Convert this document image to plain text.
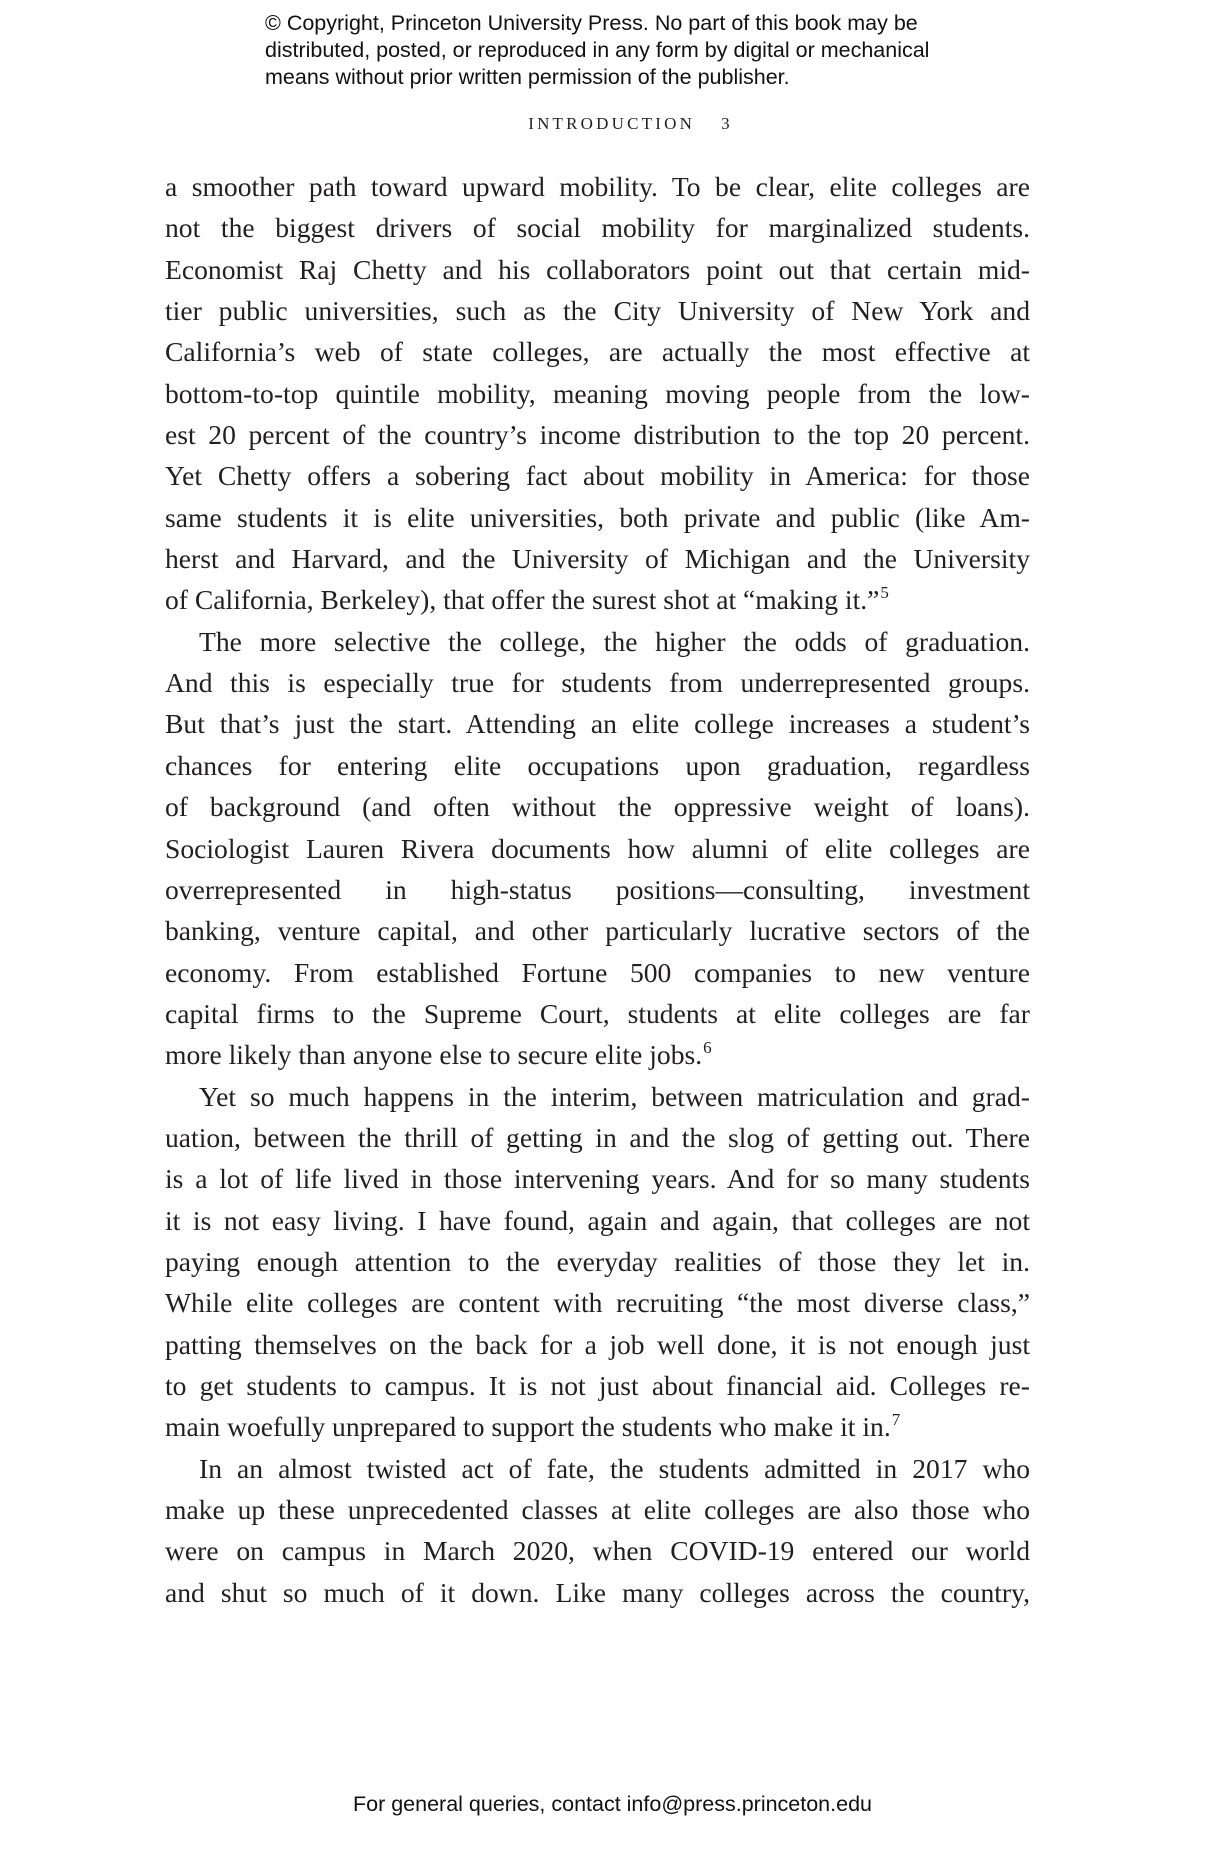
© Copyright, Princeton University Press. No part of this book may be
distributed, posted, or reproduced in any form by digital or mechanical
means without prior written permission of the publisher.
INTRODUCTION 3
a smoother path toward upward mobility. To be clear, elite colleges are
not the biggest drivers of social mobility for marginalized students.
Economist Raj Chetty and his collaborators point out that certain mid-
tier public universities, such as the City University of New York and
California’s web of state colleges, are actually the most effective at
bottom-to-top quintile mobility, meaning moving people from the low-
est 20 percent of the country’s income distribution to the top 20 percent.
Yet Chetty offers a sobering fact about mobility in America: for those
same students it is elite universities, both private and public (like Am-
herst and Harvard, and the University of Michigan and the University
of California, Berkeley), that offer the surest shot at “making it.”$^5$
The more selective the college, the higher the odds of graduation.
And this is especially true for students from underrepresented groups.
But that’s just the start. Attending an elite college increases a student’s
chances for entering elite occupations upon graduation, regardless
of background (and often without the oppressive weight of loans).
Sociologist Lauren Rivera documents how alumni of elite colleges are
overrepresented in high-status positions—consulting, investment
banking, venture capital, and other particularly lucrative sectors of the
economy. From established Fortune 500 companies to new venture
capital firms to the Supreme Court, students at elite colleges are far
more likely than anyone else to secure elite jobs.$^6$
Yet so much happens in the interim, between matriculation and grad-
uation, between the thrill of getting in and the slog of getting out. There
is a lot of life lived in those intervening years. And for so many students
it is not easy living. I have found, again and again, that colleges are not
paying enough attention to the everyday realities of those they let in.
While elite colleges are content with recruiting “the most diverse class,”
patting themselves on the back for a job well done, it is not enough just
to get students to campus. It is not just about financial aid. Colleges re-
main woefully unprepared to support the students who make it in.$^7$
In an almost twisted act of fate, the students admitted in 2017 who
make up these unprecedented classes at elite colleges are also those who
were on campus in March 2020, when COVID-19 entered our world
and shut so much of it down. Like many colleges across the country,
For general queries, contact info@press.princeton.edu
